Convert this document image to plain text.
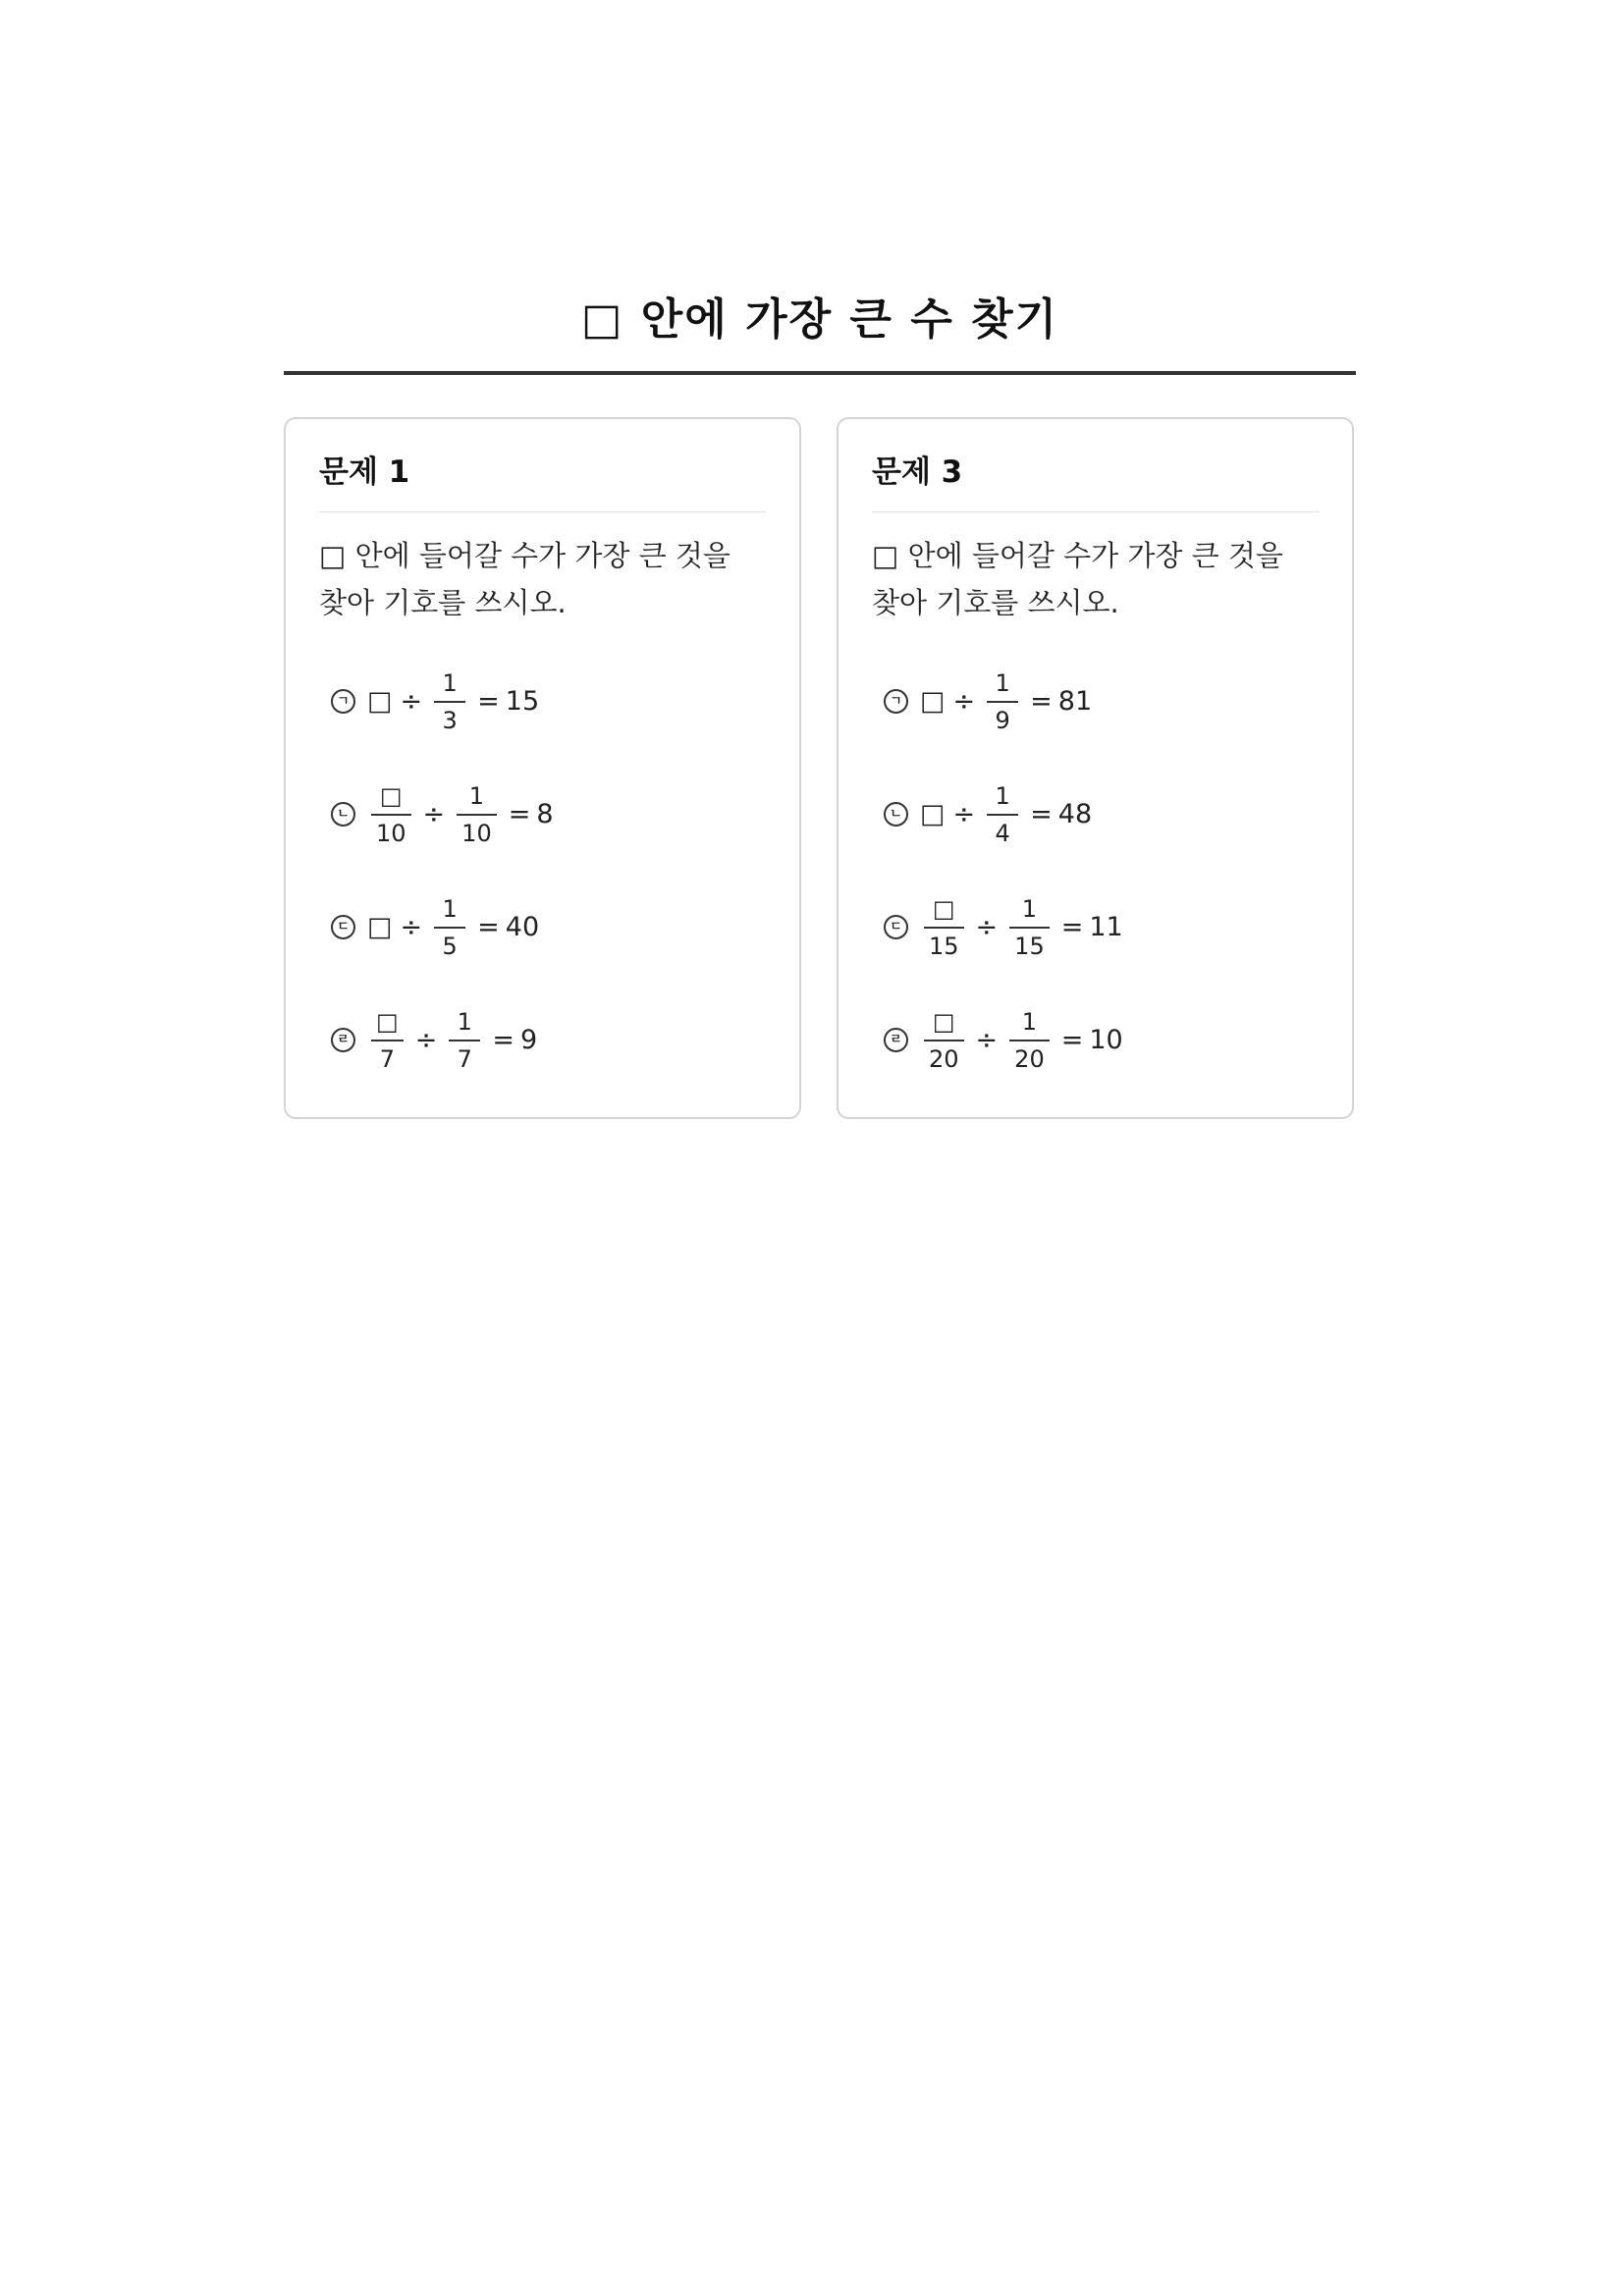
□ 안에 가장 큰 수 찾기
문제 1
□ 안에 들어갈 수가 가장 큰 것을 찾아 기호를 쓰시오.
ㄱ □ ÷ $\frac{1}{3} = 15$
ㄴ $\frac{□}{10} \div \frac{1}{10} = 8$
ㄷ □ ÷ $\frac{1}{5} = 40$
ㄹ $\frac{□}{7} \div \frac{1}{7} = 9$
문제 3
□ 안에 들어갈 수가 가장 큰 것을 찾아 기호를 쓰시오.
ㄱ □ ÷ $\frac{1}{9} = 81$
ㄴ □ ÷ $\frac{1}{4} = 48$
ㄷ $\frac{□}{15} \div \frac{1}{15} = 11$
ㄹ $\frac{□}{20} \div \frac{1}{20} = 10$
